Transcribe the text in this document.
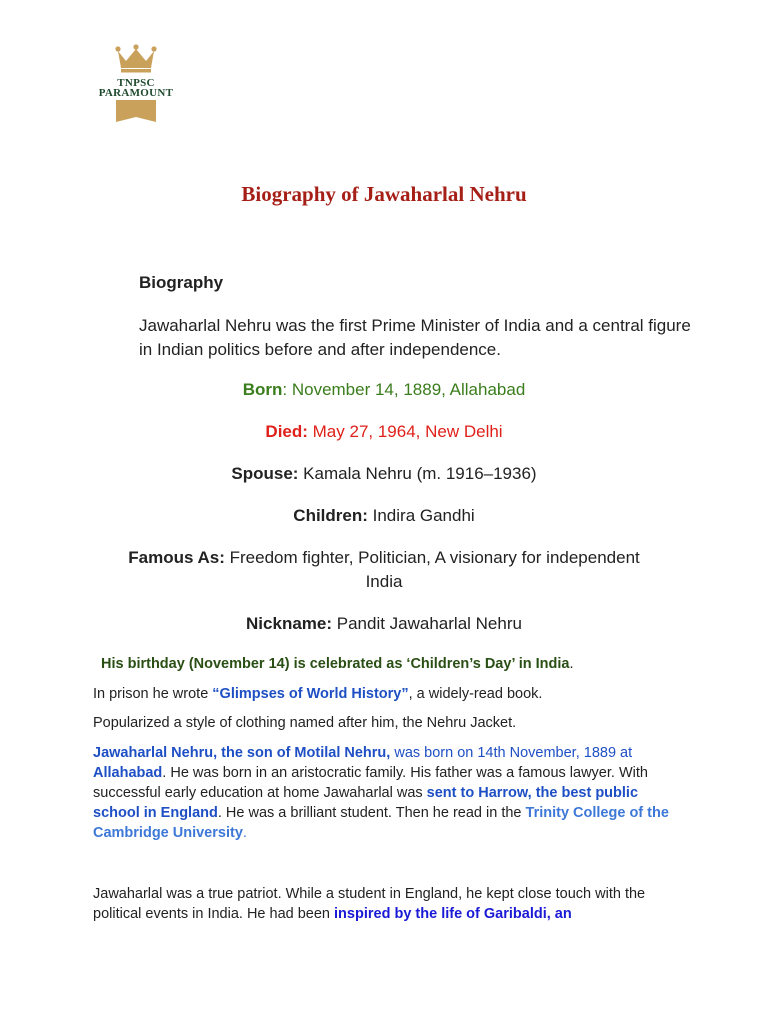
TNPSC
PARAMOUNT
Biography of Jawaharlal Nehru
Biography
Jawaharlal Nehru was the first Prime Minister of India and a central figure in Indian politics before and after independence.
Born: November 14, 1889, Allahabad
Died: May 27, 1964, New Delhi
Spouse: Kamala Nehru (m. 1916–1936)
Children: Indira Gandhi
Famous As: Freedom fighter, Politician, A visionary for independent India
Nickname: Pandit Jawaharlal Nehru
His birthday (November 14) is celebrated as ‘Children’s Day’ in India.
In prison he wrote “Glimpses of World History”, a widely-read book.
Popularized a style of clothing named after him, the Nehru Jacket.
Jawaharlal Nehru, the son of Motilal Nehru, was born on 14th November, 1889 at Allahabad. He was born in an aristocratic family. His father was a famous lawyer. With successful early education at home Jawaharlal was sent to Harrow, the best public school in England. He was a brilliant student. Then he read in the Trinity College of the Cambridge University.
Jawaharlal was a true patriot. While a student in England, he kept close touch with the political events in India. He had been inspired by the life of Garibaldi, an
